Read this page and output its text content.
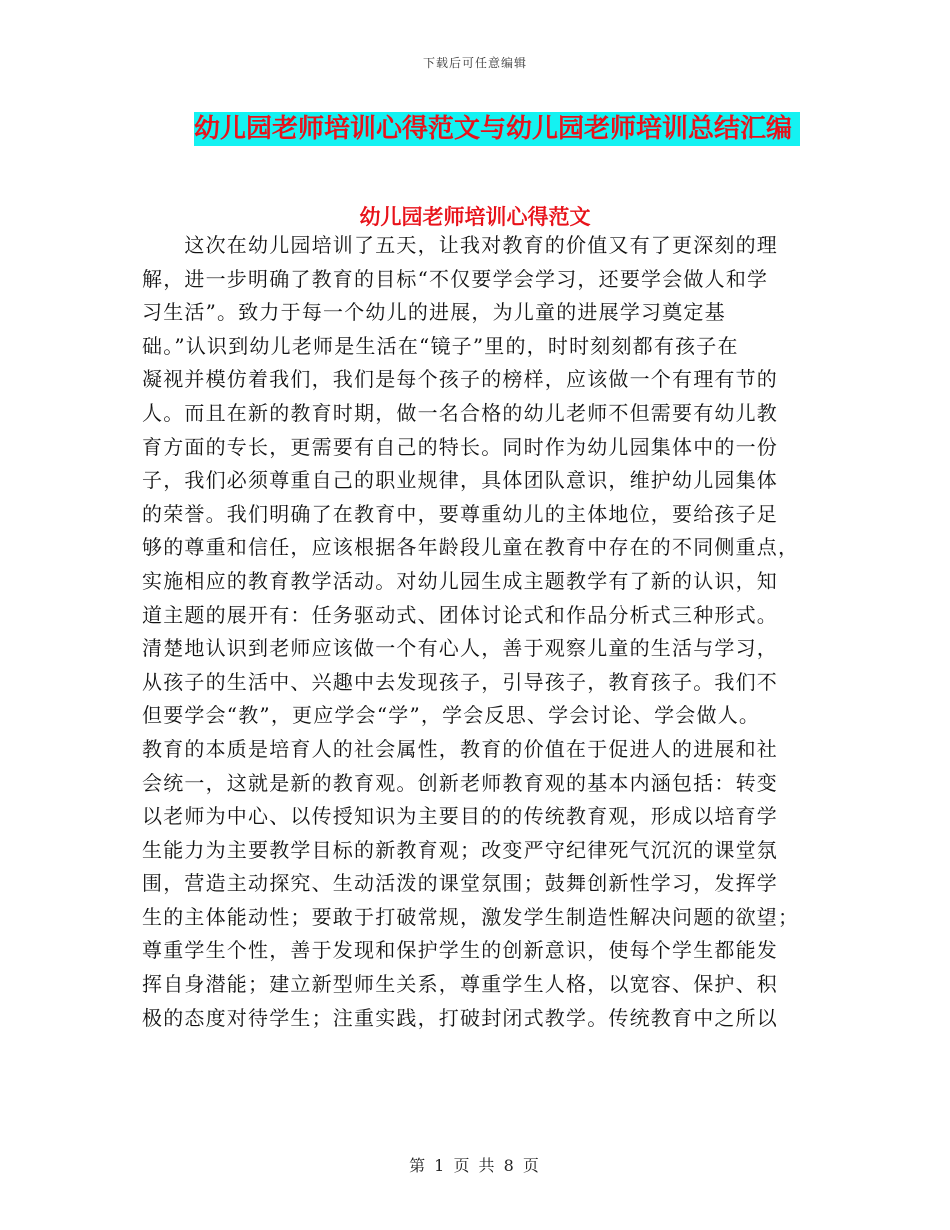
下载后可任意编辑
幼儿园老师培训心得范文与幼儿园老师培训总结汇编
幼儿园老师培训心得范文
　　这次在幼儿园培训了五天，让我对教育的价值又有了更深刻的理
解，进一步明确了教育的目标“不仅要学会学习，还要学会做人和学
习生活”。致力于每一个幼儿的进展，为儿童的进展学习奠定基
础。”认识到幼儿老师是生活在“镜子”里的，时时刻刻都有孩子在
凝视并模仿着我们，我们是每个孩子的榜样，应该做一个有理有节的
人。而且在新的教育时期，做一名合格的幼儿老师不但需要有幼儿教
育方面的专长，更需要有自己的特长。同时作为幼儿园集体中的一份
子，我们必须尊重自己的职业规律，具体团队意识，维护幼儿园集体
的荣誉。我们明确了在教育中，要尊重幼儿的主体地位，要给孩子足
够的尊重和信任，应该根据各年龄段儿童在教育中存在的不同侧重点，
实施相应的教育教学活动。对幼儿园生成主题教学有了新的认识，知
道主题的展开有：任务驱动式、团体讨论式和作品分析式三种形式。
清楚地认识到老师应该做一个有心人，善于观察儿童的生活与学习，
从孩子的生活中、兴趣中去发现孩子，引导孩子，教育孩子。我们不
但要学会“教”，更应学会“学”，学会反思、学会讨论、学会做人。
教育的本质是培育人的社会属性，教育的价值在于促进人的进展和社
会统一，这就是新的教育观。创新老师教育观的基本内涵包括：转变
以老师为中心、以传授知识为主要目的的传统教育观，形成以培育学
生能力为主要教学目标的新教育观；改变严守纪律死气沉沉的课堂氛
围，营造主动探究、生动活泼的课堂氛围；鼓舞创新性学习，发挥学
生的主体能动性；要敢于打破常规，激发学生制造性解决问题的欲望；
尊重学生个性，善于发现和保护学生的创新意识，使每个学生都能发
挥自身潜能；建立新型师生关系，尊重学生人格，以宽容、保护、积
极的态度对待学生；注重实践，打破封闭式教学。传统教育中之所以
第 1 页 共 8 页
